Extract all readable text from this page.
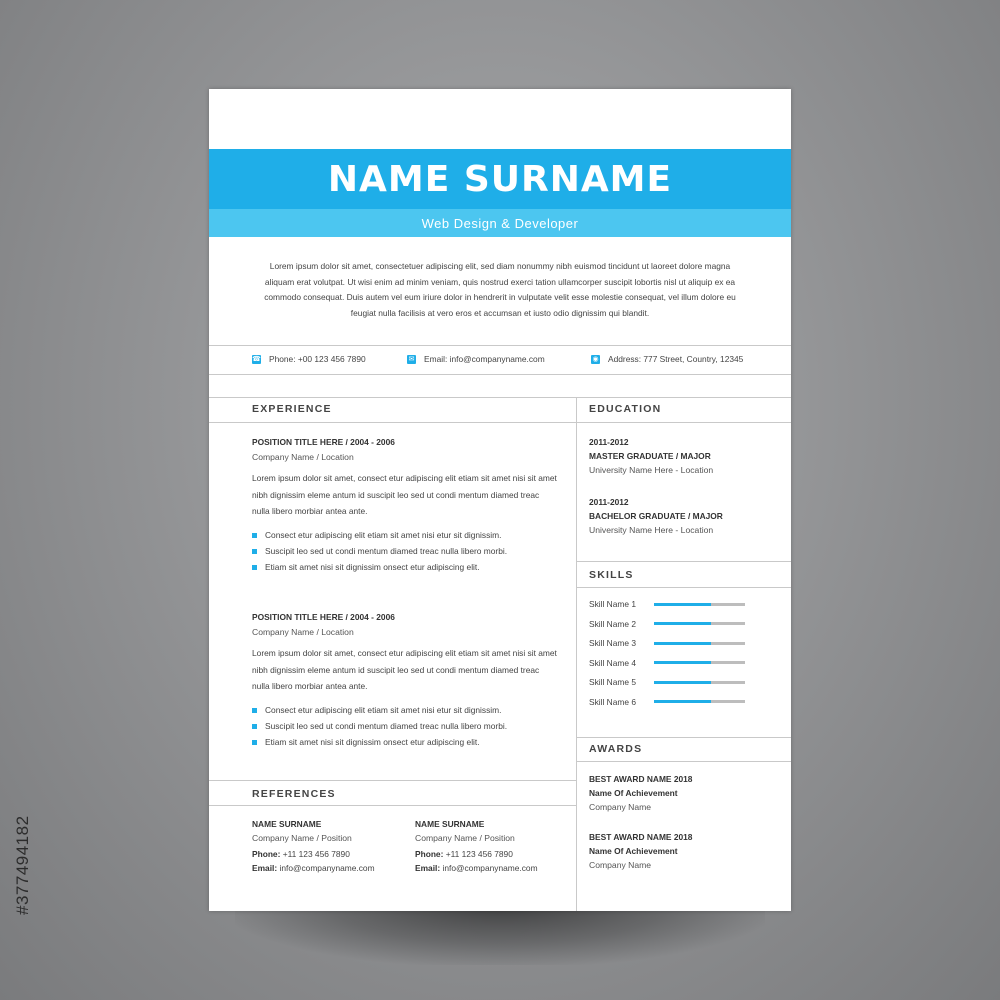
#377494182
NAME SURNAME
Web Design & Developer
Lorem ipsum dolor sit amet, consectetuer adipiscing elit, sed diam nonummy nibh euismod tincidunt ut laoreet dolore magna aliquam erat volutpat. Ut wisi enim ad minim veniam, quis nostrud exerci tation ullamcorper suscipit lobortis nisl ut aliquip ex ea commodo consequat. Duis autem vel eum iriure dolor in hendrerit in vulputate velit esse molestie consequat, vel illum dolore eu feugiat nulla facilisis at vero eros et accumsan et iusto odio dignissim qui blandit.
☎ Phone: +00 123 456 7890	✉ Email: info@companyname.com	◉ Address: 777 Street, Country, 12345
EXPERIENCE
POSITION TITLE HERE / 2004 - 2006
Company Name / Location
Lorem ipsum dolor sit amet, consect etur adipiscing elit etiam sit amet nisi sit amet nibh dignissim eleme antum id suscipit leo sed ut condi mentum diamed treac nulla libero morbiar antea ante.
Consect etur adipiscing elit etiam sit amet nisi etur sit dignissim.
Suscipit leo sed ut condi mentum diamed treac nulla libero morbi.
Etiam sit amet nisi sit dignissim onsect etur adipiscing elit.
POSITION TITLE HERE / 2004 - 2006
Company Name / Location
Lorem ipsum dolor sit amet, consect etur adipiscing elit etiam sit amet nisi sit amet nibh dignissim eleme antum id suscipit leo sed ut condi mentum diamed treac nulla libero morbiar antea ante.
Consect etur adipiscing elit etiam sit amet nisi etur sit dignissim.
Suscipit leo sed ut condi mentum diamed treac nulla libero morbi.
Etiam sit amet nisi sit dignissim onsect etur adipiscing elit.
REFERENCES
NAME SURNAME
Company Name / Position
Phone: +11 123 456 7890
Email: info@companyname.com
NAME SURNAME
Company Name / Position
Phone: +11 123 456 7890
Email: info@companyname.com
EDUCATION
2011-2012
MASTER GRADUATE / MAJOR
University Name Here - Location
2011-2012
BACHELOR GRADUATE / MAJOR
University Name Here - Location
SKILLS
Skill Name 1
Skill Name 2
Skill Name 3
Skill Name 4
Skill Name 5
Skill Name 6
AWARDS
BEST AWARD NAME 2018
Name Of Achievement
Company Name
BEST AWARD NAME 2018
Name Of Achievement
Company Name
